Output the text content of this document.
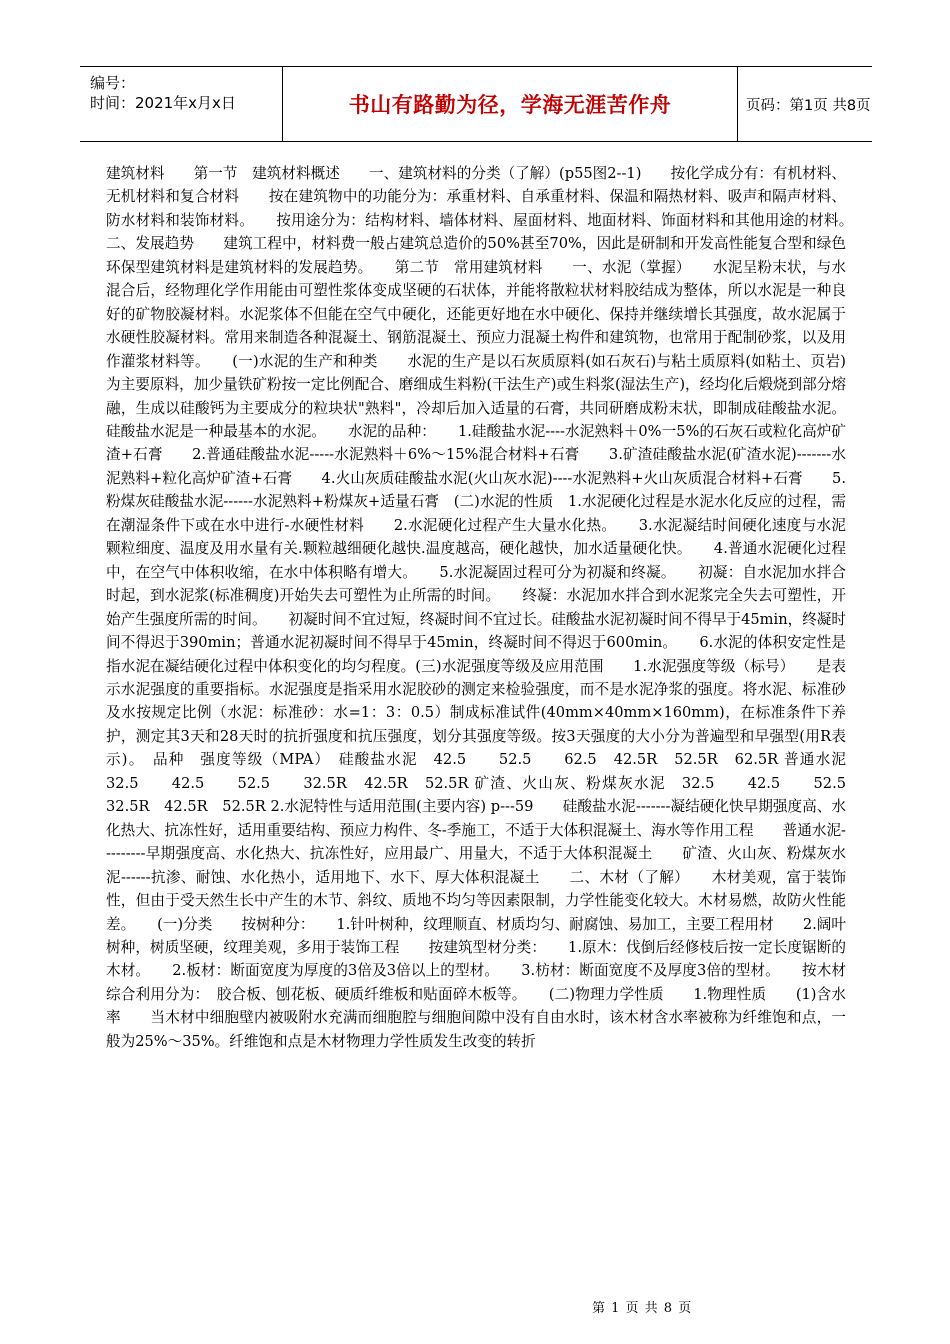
编号：
时间：2021年x月x日	书山有路勤为径，学海无涯苦作舟	页码：第1页 共8页
建筑材料　　第一节　建筑材料概述　　一、建筑材料的分类（了解）(p55图2--1)　　按化学成分有：有机材料、无机材料和复合材料　　按在建筑物中的功能分为：承重材料、自承重材料、保温和隔热材料、吸声和隔声材料、防水材料和装饰材料。　　按用途分为：结构材料、墙体材料、屋面材料、地面材料、饰面材料和其他用途的材料。　　二、发展趋势　　建筑工程中，材料费一般占建筑总造价的50%甚至70%，因此是研制和开发高性能复合型和绿色环保型建筑材料是建筑材料的发展趋势。　　第二节　常用建筑材料　　一、水泥（掌握）　　水泥呈粉末状，与水混合后，经物理化学作用能由可塑性浆体变成坚硬的石状体，并能将散粒状材料胶结成为整体，所以水泥是一种良好的矿物胶凝材料。水泥浆体不但能在空气中硬化，还能更好地在水中硬化、保持并继续增长其强度，故水泥属于水硬性胶凝材料。常用来制造各种混凝土、钢筋混凝土、预应力混凝土构件和建筑物，也常用于配制砂浆，以及用作灌浆材料等。　　(一)水泥的生产和种类　　水泥的生产是以石灰质原料(如石灰石)与粘土质原料(如粘土、页岩)为主要原料，加少量铁矿粉按一定比例配合、磨细成生料粉(干法生产)或生料浆(湿法生产)，经均化后煅烧到部分熔融，生成以硅酸钙为主要成分的粒块状"熟料"，冷却后加入适量的石膏，共同研磨成粉末状，即制成硅酸盐水泥。硅酸盐水泥是一种最基本的水泥。　　水泥的品种：　　1.硅酸盐水泥----水泥熟料＋0%一5%的石灰石或粒化高炉矿渣+石膏　　2.普通硅酸盐水泥-----水泥熟料＋6%～15%混合材料+石膏　　3.矿渣硅酸盐水泥(矿渣水泥)-------水泥熟料+粒化高炉矿渣+石膏　　4.火山灰质硅酸盐水泥(火山灰水泥)----水泥熟料+火山灰质混合材料+石膏　　5.粉煤灰硅酸盐水泥------水泥熟料+粉煤灰+适量石膏　(二)水泥的性质　1.水泥硬化过程是水泥水化反应的过程，需在潮湿条件下或在水中进行-水硬性材料　　2.水泥硬化过程产生大量水化热。　　3.水泥凝结时间硬化速度与水泥颗粒细度、温度及用水量有关.颗粒越细硬化越快.温度越高，硬化越快，加水适量硬化快。　　4.普通水泥硬化过程中，在空气中体积收缩，在水中体积略有增大。　　5.水泥凝固过程可分为初凝和终凝。　　初凝：自水泥加水拌合时起，到水泥浆(标准稠度)开始失去可塑性为止所需的时间。　　终凝：水泥加水拌合到水泥浆完全失去可塑性，开始产生强度所需的时间。　　初凝时间不宜过短，终凝时间不宜过长。硅酸盐水泥初凝时间不得早于45min，终凝时间不得迟于390min；普通水泥初凝时间不得早于45min，终凝时间不得迟于600min。　　6.水泥的体积安定性是指水泥在凝结硬化过程中体积变化的均匀程度。(三)水泥强度等级及应用范围　　1.水泥强度等级（标号）　　是表示水泥强度的重要指标。水泥强度是指采用水泥胶砂的测定来检验强度，而不是水泥净浆的强度。将水泥、标准砂及水按规定比例（水泥：标准砂：水=1：3：0.5）制成标准试件(40mm×40mm×160mm)，在标准条件下养护，测定其3天和28天时的抗折强度和抗压强度，划分其强度等级。按3天强度的大小分为普遍型和早强型(用R表示)。　品种　强度等级（MPA）　硅酸盐水泥　42.5　　52.5　　62.5　42.5R　52.5R　62.5R 普通水泥　32.5　　42.5　　52.5　　32.5R　42.5R　52.5R 矿渣、火山灰、粉煤灰水泥　32.5　　42.5　　52.5　　32.5R　42.5R　52.5R 2.水泥特性与适用范围(主要内容) p---59　　硅酸盐水泥-------凝结硬化快早期强度高、水化热大、抗冻性好，适用重要结构、预应力构件、冬-季施工，不适于大体积混凝土、海水等作用工程　　普通水泥---------早期强度高、水化热大、抗冻性好，应用最广、用量大，不适于大体积混凝土　　矿渣、火山灰、粉煤灰水泥------抗渗、耐蚀、水化热小，适用地下、水下、厚大体积混凝土　　二、木材（了解）　　木材美观，富于装饰性，但由于受天然生长中产生的木节、斜纹、质地不均匀等因素限制，力学性能变化较大。木材易燃，故防火性能差。　　(一)分类　　按树种分：　　1.针叶树种，纹理顺直、材质均匀、耐腐蚀、易加工，主要工程用材　　2.阔叶树种，树质坚硬，纹理美观，多用于装饰工程　　按建筑型材分类：　　1.原木：伐倒后经修枝后按一定长度锯断的木材。　　2.板材：断面宽度为厚度的3倍及3倍以上的型材。　　3.枋材：断面宽度不及厚度3倍的型材。　　按木材综合利用分为：　胶合板、刨花板、硬质纤维板和贴面碎木板等。　　(二)物理力学性质　　1.物理性质　　(1)含水率　　当木材中细胞壁内被吸附水充满而细胞腔与细胞间隙中没有自由水时，该木材含水率被称为纤维饱和点，一般为25%～35%。纤维饱和点是木材物理力学性质发生改变的转折
第 1 页 共 8 页
